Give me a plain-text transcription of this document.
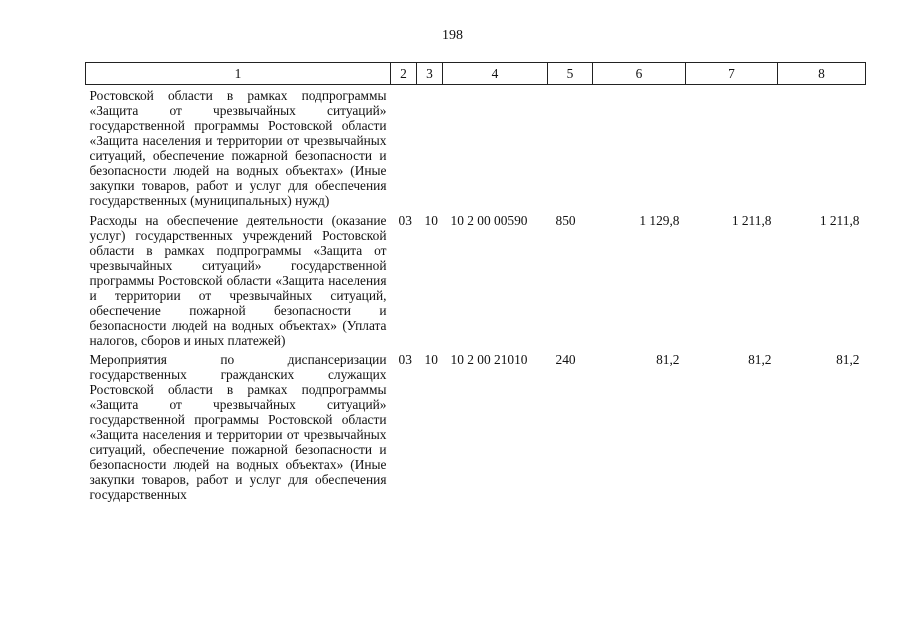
198
1	2	3	4	5	6	7	8
Ростовской области в рамках подпрограммы «Защита от чрезвычайных ситуаций» государственной программы Ростовской области «Защита населения и территории от чрезвычайных ситуаций, обеспечение пожарной безопасности и безопасности людей на водных объектах» (Иные закупки товаров, работ и услуг для обеспечения государственных (муниципальных) нужд)							
Расходы на обеспечение деятельности (оказание услуг) государственных учреждений Ростовской области в рамках подпрограммы «Защита от чрезвычайных ситуаций» государственной программы Ростовской области «Защита населения и территории от чрезвычайных ситуаций, обеспечение пожарной безопасности и безопасности людей на водных объектах» (Уплата налогов, сборов и иных платежей)	03	10	10 2 00 00590	850	1 129,8	1 211,8	1 211,8
Мероприятия по диспансеризации государственных гражданских служащих Ростовской области в рамках подпрограммы «Защита от чрезвычайных ситуаций» государственной программы Ростовской области «Защита населения и территории от чрезвычайных ситуаций, обеспечение пожарной безопасности и безопасности людей на водных объектах» (Иные закупки товаров, работ и услуг для обеспечения государственных	03	10	10 2 00 21010	240	81,2	81,2	81,2
